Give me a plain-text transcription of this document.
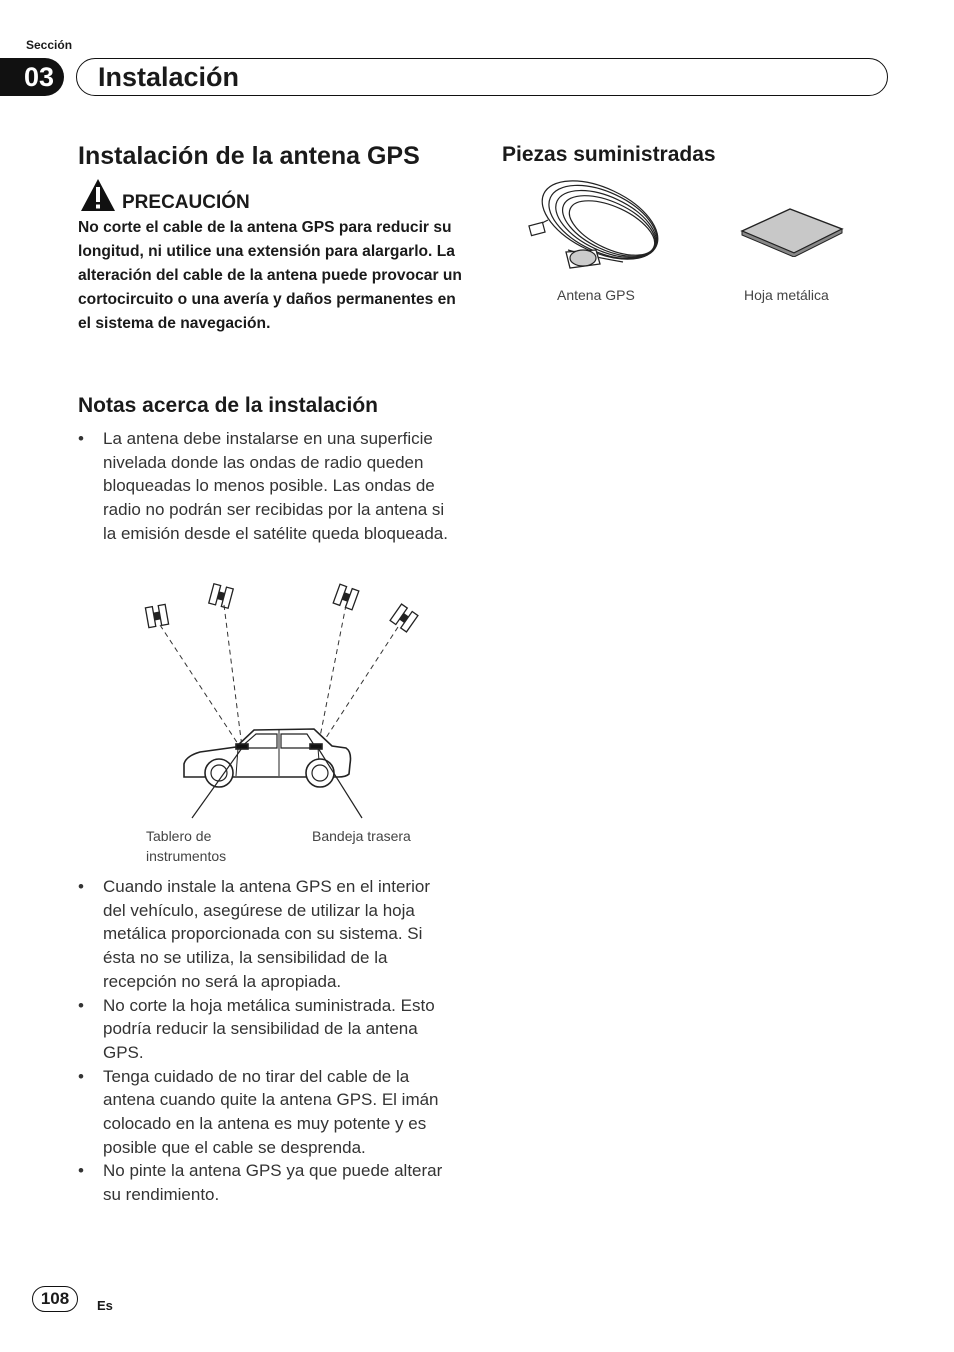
Sección
03	Instalación
Instalación de la antena GPS
PRECAUCIÓN
No corte el cable de la antena GPS para reducir su longitud, ni utilice una extensión para alargarlo. La alteración del cable de la antena puede provocar un cortocircuito o una avería y daños permanentes en el sistema de navegación.
Notas acerca de la instalación
• La antena debe instalarse en una superficie nivelada donde las ondas de radio queden bloqueadas lo menos posible. Las ondas de radio no podrán ser recibidas por la antena si la emisión desde el satélite queda bloqueada.
Tablero de instrumentos
Bandeja trasera
• Cuando instale la antena GPS en el interior del vehículo, asegúrese de utilizar la hoja metálica proporcionada con su sistema. Si ésta no se utiliza, la sensibilidad de la recepción no será la apropiada.
• No corte la hoja metálica suministrada. Esto podría reducir la sensibilidad de la antena GPS.
• Tenga cuidado de no tirar del cable de la antena cuando quite la antena GPS. El imán colocado en la antena es muy potente y es posible que el cable se desprenda.
• No pinte la antena GPS ya que puede alterar su rendimiento.
Piezas suministradas
Antena GPS	Hoja metálica
108	Es
